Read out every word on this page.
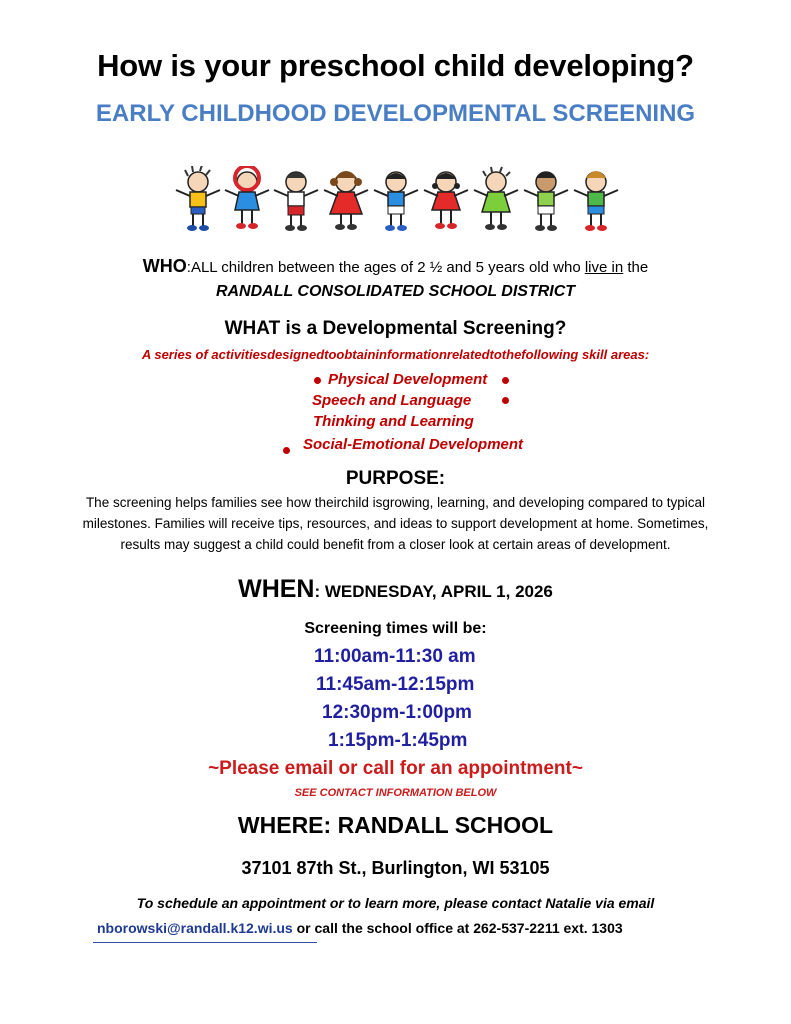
How is your preschool child developing?
EARLY CHILDHOOD DEVELOPMENTAL SCREENING
WHO:ALL children between the ages of 2 ½ and 5 years old who live in the
RANDALL CONSOLIDATED SCHOOL DISTRICT
WHAT is a Developmental Screening?
A series of activitiesdesignedtoobtaininformationrelatedtothefollowing skill areas:
Physical Development
Speech and Language
Thinking and Learning
Social-Emotional Development
PURPOSE:
The screening helps families see how theirchild isgrowing, learning, and developing compared to typical
milestones. Families will receive tips, resources, and ideas to support development at home. Sometimes,
results may suggest a child could benefit from a closer look at certain areas of development.
WHEN: WEDNESDAY, APRIL 1, 2026
Screening times will be:
11:00am-11:30 am
11:45am-12:15pm
12:30pm-1:00pm
1:15pm-1:45pm
~Please email or call for an appointment~
SEE CONTACT INFORMATION BELOW
WHERE: RANDALL SCHOOL
37101 87th St., Burlington, WI 53105
To schedule an appointment or to learn more, please contact Natalie via email
nborowski@randall.k12.wi.us or call the school office at 262-537-2211 ext. 1303
